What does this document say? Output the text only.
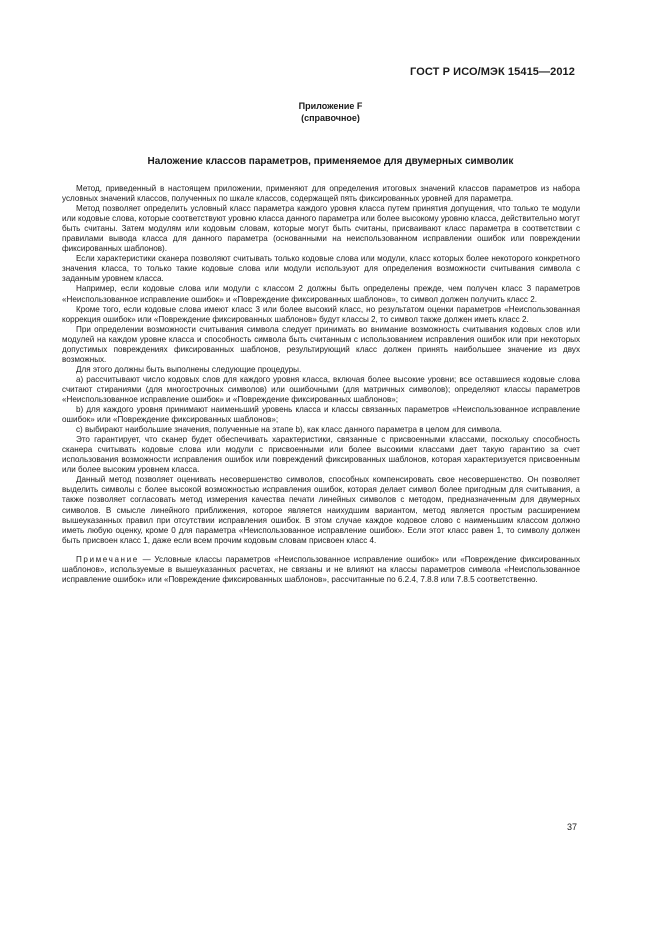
ГОСТ Р ИСО/МЭК 15415—2012
Приложение F
(справочное)
Наложение классов параметров, применяемое для двумерных символик

Метод, приведенный в настоящем приложении, применяют для определения итоговых значений классов параметров из набора условных значений классов, полученных по шкале классов, содержащей пять фиксированных уровней для параметра.

Метод позволяет определить условный класс параметра каждого уровня класса путем принятия допущения, что только те модули или кодовые слова, которые соответствуют уровню класса данного параметра или более высокому уровню класса, действительно могут быть считаны. Затем модулям или кодовым словам, которые могут быть считаны, присваивают класс параметра в соответствии с правилами вывода класса для данного параметра (основанными на неиспользованном исправлении ошибок или повреждении фиксированных шаблонов).

Если характеристики сканера позволяют считывать только кодовые слова или модули, класс которых более некоторого конкретного значения класса, то только такие кодовые слова или модули используют для определения возможности считывания символа с заданным уровнем класса.

Например, если кодовые слова или модули с классом 2 должны быть определены прежде, чем получен класс 3 параметров «Неиспользованное исправление ошибок» и «Повреждение фиксированных шаблонов», то символ должен получить класс 2.

Кроме того, если кодовые слова имеют класс 3 или более высокий класс, но результатом оценки параметров «Неиспользованная коррекция ошибок» или «Повреждение фиксированных шаблонов» будут классы 2, то символ также должен иметь класс 2.

При определении возможности считывания символа следует принимать во внимание возможность считывания кодовых слов или модулей на каждом уровне класса и способность символа быть считанным с использованием исправления ошибок или при некоторых допустимых повреждениях фиксированных шаблонов, результирующий класс должен принять наибольшее значение из двух возможных.

Для этого должны быть выполнены следующие процедуры.

a) рассчитывают число кодовых слов для каждого уровня класса, включая более высокие уровни; все оставшиеся кодовые слова считают стираниями (для многострочных символов) или ошибочными (для матричных символов); определяют классы параметров «Неиспользованное исправление ошибок» и «Повреждение фиксированных шаблонов»;

b) для каждого уровня принимают наименьший уровень класса и классы связанных параметров «Неиспользованное исправление ошибок» или «Повреждение фиксированных шаблонов»;

c) выбирают наибольшие значения, полученные на этапе b), как класс данного параметра в целом для символа.

Это гарантирует, что сканер будет обеспечивать характеристики, связанные с присвоенными классами, поскольку способность сканера считывать кодовые слова или модули с присвоенными или более высокими классами дает такую гарантию за счет использования возможности исправления ошибок или повреждений фиксированных шаблонов, которая характеризуется присвоенным или более высоким уровнем класса.

Данный метод позволяет оценивать несовершенство символов, способных компенсировать свое несовершенство. Он позволяет выделить символы с более высокой возможностью исправления ошибок, которая делает символ более пригодным для считывания, а также позволяет согласовать метод измерения качества печати линейных символов с методом, предназначенным для двумерных символов. В смысле линейного приближения, которое является наихудшим вариантом, метод является простым расширением вышеуказанных правил при отсутствии исправления ошибок. В этом случае каждое кодовое слово с наименьшим классом должно иметь любую оценку, кроме 0 для параметра «Неиспользованное исправление ошибок». Если этот класс равен 1, то символу должен быть присвоен класс 1, даже если всем прочим кодовым словам присвоен класс 4.

Примечание — Условные классы параметров «Неиспользованное исправление ошибок» или «Повреждение фиксированных шаблонов», используемые в вышеуказанных расчетах, не связаны и не влияют на классы параметров символа «Неиспользованное исправление ошибок» или «Повреждение фиксированных шаблонов», рассчитанные по 6.2.4, 7.8.8 или 7.8.5 соответственно.

37
